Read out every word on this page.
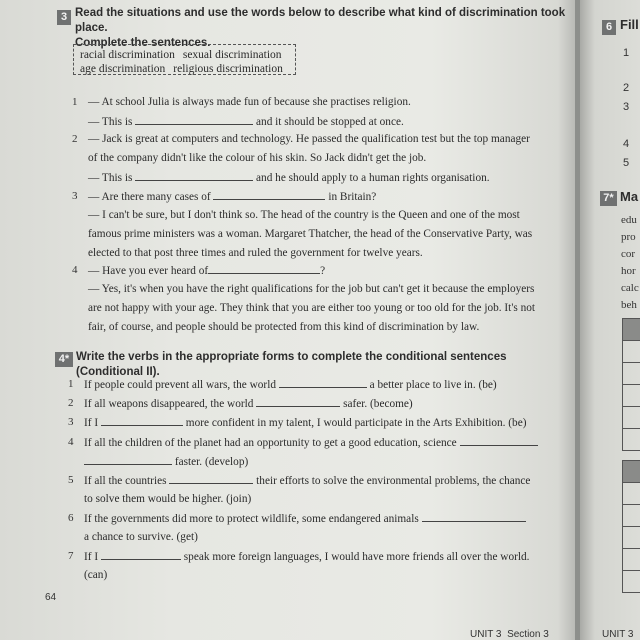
3 Read the situations and use the words below to describe what kind of discrimination took place.
Complete the sentences.
racial discrimination sexual discrimination
age discrimination religious discrimination
1 — At school Julia is always made fun of because she practises religion.
— This is	and it should be stopped at once.
2 — Jack is great at computers and technology. He passed the qualification test but the top manager
of the company didn't like the colour of his skin. So Jack didn't get the job.
— This is	and he should apply to a human rights organisation.
3 — Are there many cases of	in Britain?
— I can't be sure, but I don't think so. The head of the country is the Queen and one of the most
famous prime ministers was a woman. Margaret Thatcher, the head of the Conservative Party, was
elected to that post three times and ruled the government for twelve years.
4 — Have you ever heard of	?
— Yes, it's when you have the right qualifications for the job but can't get it because the employers
are not happy with your age. They think that you are either too young or too old for the job. It's not
fair, of course, and people should be protected from this kind of discrimination by law.
4* Write the verbs in the appropriate forms to complete the conditional sentences (Conditional II).
1 If people could prevent all wars, the world	a better place to live in. (be)
2 If all weapons disappeared, the world	safer. (become)
3 If I	more confident in my talent, I would participate in the Arts Exhibition. (be)
4 If all the children of the planet had an opportunity to get a good education, science
faster. (develop)
5 If all the countries	their efforts to solve the environmental problems, the chance
to solve them would be higher. (join)
6 If the governments did more to protect wildlife, some endangered animals
a chance to survive. (get)
7 If I	speak more foreign languages, I would have more friends all over the world.
(can)
64
UNIT 3 Section 3
6 Fill
1
2
3
4
5
7* Ma
edu
pro
cor
hor
calc
beh
UNIT 3
